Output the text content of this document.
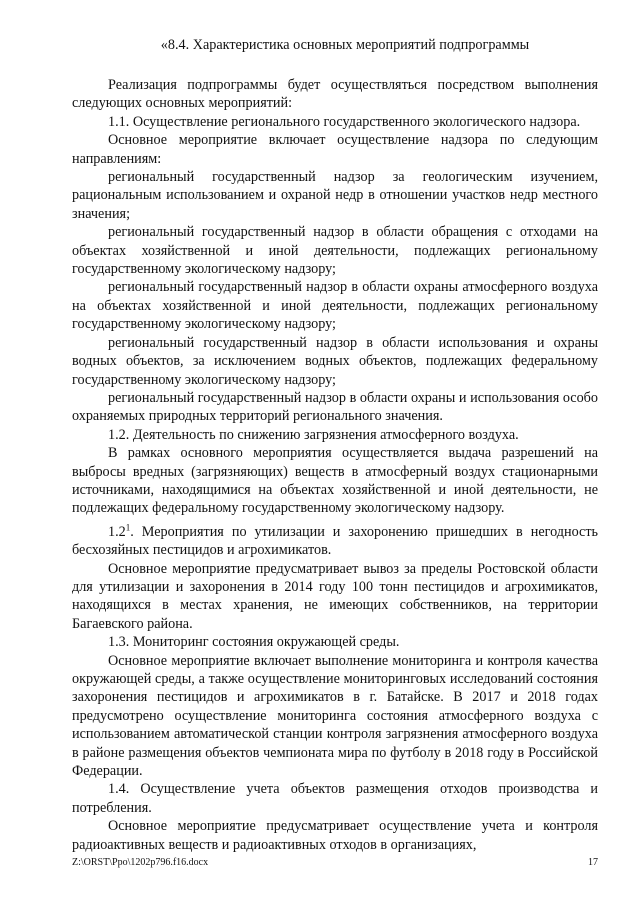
«8.4. Характеристика основных мероприятий подпрограммы

Реализация подпрограммы будет осуществляться посредством выполнения следующих основных мероприятий:

1.1. Осуществление регионального государственного экологического надзора.

Основное мероприятие включает осуществление надзора по следующим направлениям:

региональный государственный надзор за геологическим изучением, рациональным использованием и охраной недр в отношении участков недр местного значения;

региональный государственный надзор в области обращения с отходами на объектах хозяйственной и иной деятельности, подлежащих региональному государственному экологическому надзору;

региональный государственный надзор в области охраны атмосферного воздуха на объектах хозяйственной и иной деятельности, подлежащих региональному государственному экологическому надзору;

региональный государственный надзор в области использования и охраны водных объектов, за исключением водных объектов, подлежащих федеральному государственному экологическому надзору;

региональный государственный надзор в области охраны и использования особо охраняемых природных территорий регионального значения.

1.2. Деятельность по снижению загрязнения атмосферного воздуха.

В рамках основного мероприятия осуществляется выдача разрешений на выбросы вредных (загрязняющих) веществ в атмосферный воздух стационарными источниками, находящимися на объектах хозяйственной и иной деятельности, не подлежащих федеральному государственному экологическому надзору.

$1.2^1$. Мероприятия по утилизации и захоронению пришедших в негодность бесхозяйных пестицидов и агрохимикатов.

Основное мероприятие предусматривает вывоз за пределы Ростовской области для утилизации и захоронения в 2014 году 100 тонн пестицидов и агрохимикатов, находящихся в местах хранения, не имеющих собственников, на территории Багаевского района.

1.3. Мониторинг состояния окружающей среды.

Основное мероприятие включает выполнение мониторинга и контроля качества окружающей среды, а также осуществление мониторинговых исследований состояния захоронения пестицидов и агрохимикатов в г. Батайске. В 2017 и 2018 годах предусмотрено осуществление мониторинга состояния атмосферного воздуха с использованием автоматической станции контроля загрязнения атмосферного воздуха в районе размещения объектов чемпионата мира по футболу в 2018 году в Российской Федерации.

1.4. Осуществление учета объектов размещения отходов производства и потребления.

Основное мероприятие предусматривает осуществление учета и контроля радиоактивных веществ и радиоактивных отходов в организациях,

Z:\ORST\Ppo\1202p796.f16.docx	17
